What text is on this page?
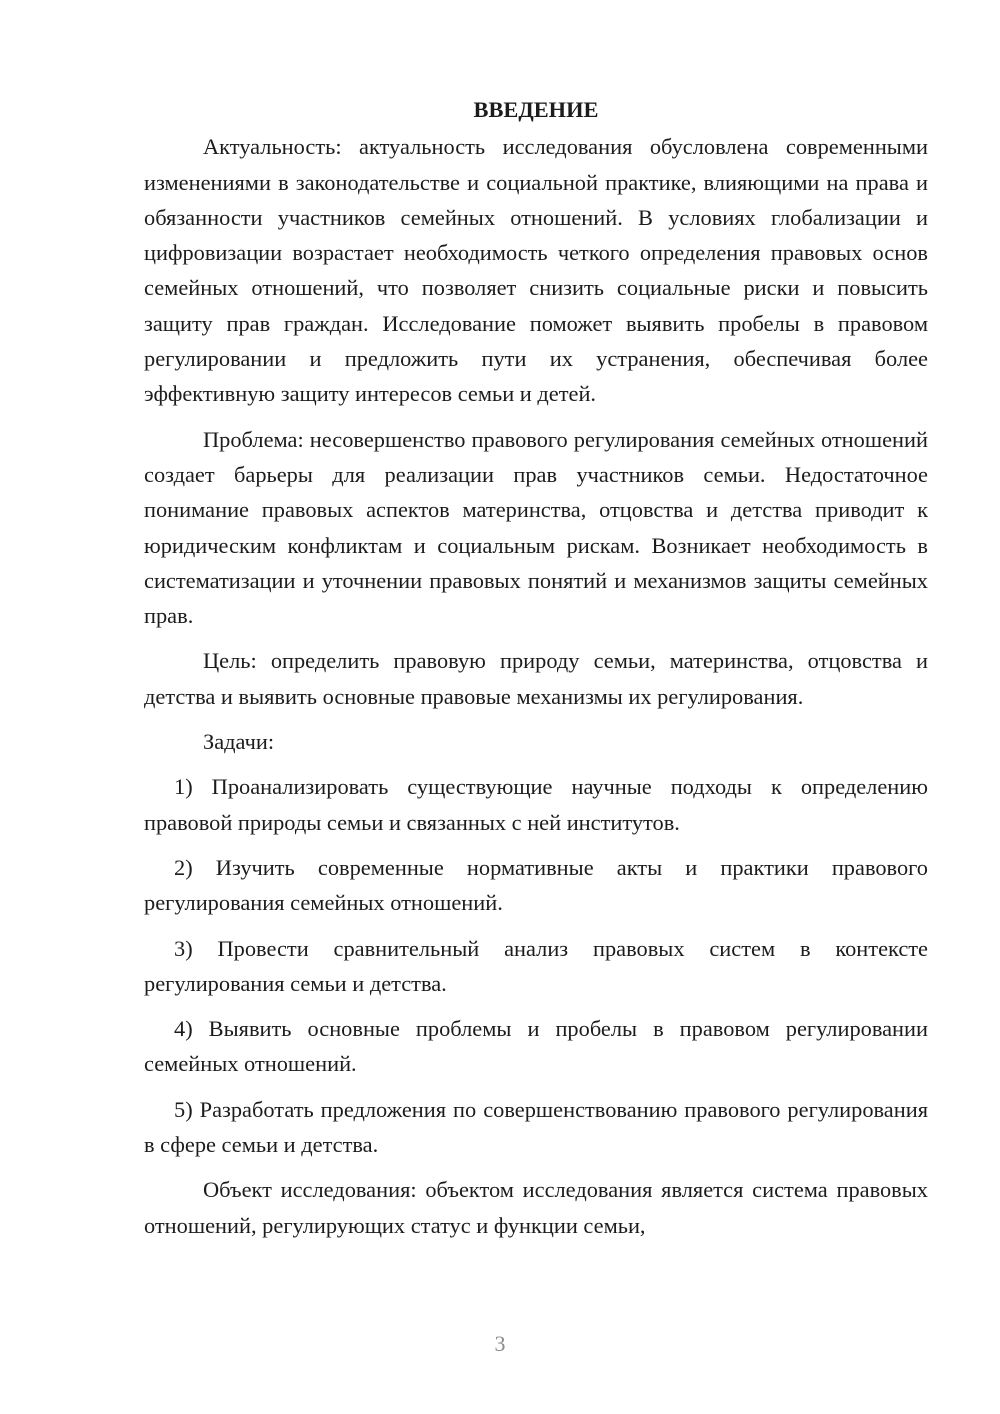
ВВЕДЕНИЕ
Актуальность: актуальность исследования обусловлена современными изменениями в законодательстве и социальной практике, влияющими на права и обязанности участников семейных отношений. В условиях глобализации и цифровизации возрастает необходимость четкого определения правовых основ семейных отношений, что позволяет снизить социальные риски и повысить защиту прав граждан. Исследование поможет выявить пробелы в правовом регулировании и предложить пути их устранения, обеспечивая более эффективную защиту интересов семьи и детей.
Проблема: несовершенство правового регулирования семейных отношений создает барьеры для реализации прав участников семьи. Недостаточное понимание правовых аспектов материнства, отцовства и детства приводит к юридическим конфликтам и социальным рискам. Возникает необходимость в систематизации и уточнении правовых понятий и механизмов защиты семейных прав.
Цель: определить правовую природу семьи, материнства, отцовства и детства и выявить основные правовые механизмы их регулирования.
Задачи:
1) Проанализировать существующие научные подходы к определению правовой природы семьи и связанных с ней институтов.
2) Изучить современные нормативные акты и практики правового регулирования семейных отношений.
3) Провести сравнительный анализ правовых систем в контексте регулирования семьи и детства.
4) Выявить основные проблемы и пробелы в правовом регулировании семейных отношений.
5) Разработать предложения по совершенствованию правового регулирования в сфере семьи и детства.
Объект исследования: объектом исследования является система правовых отношений, регулирующих статус и функции семьи,
3
